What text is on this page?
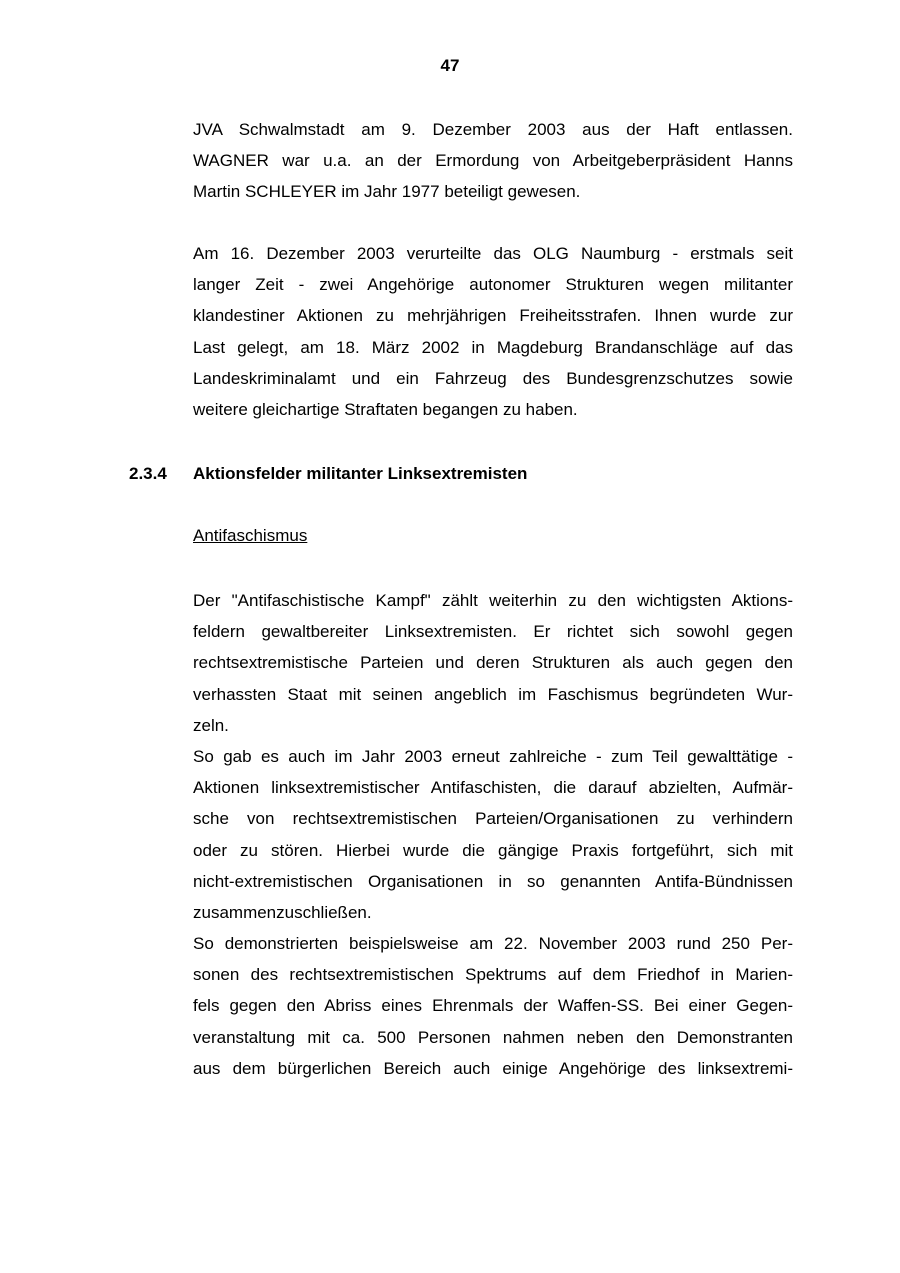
47
JVA Schwalmstadt am 9. Dezember 2003 aus der Haft entlassen.
WAGNER war u.a. an der Ermordung von Arbeitgeberpräsident Hanns
Martin SCHLEYER im Jahr 1977 beteiligt gewesen.
Am 16. Dezember 2003 verurteilte das OLG Naumburg - erstmals seit
langer Zeit - zwei Angehörige autonomer Strukturen wegen militanter
klandestiner Aktionen zu mehrjährigen Freiheitsstrafen. Ihnen wurde zur
Last gelegt, am 18. März 2002 in Magdeburg Brandanschläge auf das
Landeskriminalamt und ein Fahrzeug des Bundesgrenzschutzes sowie
weitere gleichartige Straftaten begangen zu haben.
2.3.4 Aktionsfelder militanter Linksextremisten
Antifaschismus
Der "Antifaschistische Kampf" zählt weiterhin zu den wichtigsten Aktions-
feldern gewaltbereiter Linksextremisten. Er richtet sich sowohl gegen
rechtsextremistische Parteien und deren Strukturen als auch gegen den
verhassten Staat mit seinen angeblich im Faschismus begründeten Wur-
zeln.
So gab es auch im Jahr 2003 erneut zahlreiche - zum Teil gewalttätige -
Aktionen linksextremistischer Antifaschisten, die darauf abzielten, Aufmär-
sche von rechtsextremistischen Parteien/Organisationen zu verhindern
oder zu stören. Hierbei wurde die gängige Praxis fortgeführt, sich mit
nicht-extremistischen Organisationen in so genannten Antifa-Bündnissen
zusammenzuschließen.
So demonstrierten beispielsweise am 22. November 2003 rund 250 Per-
sonen des rechtsextremistischen Spektrums auf dem Friedhof in Marien-
fels gegen den Abriss eines Ehrenmals der Waffen-SS. Bei einer Gegen-
veranstaltung mit ca. 500 Personen nahmen neben den Demonstranten
aus dem bürgerlichen Bereich auch einige Angehörige des linksextremi-
